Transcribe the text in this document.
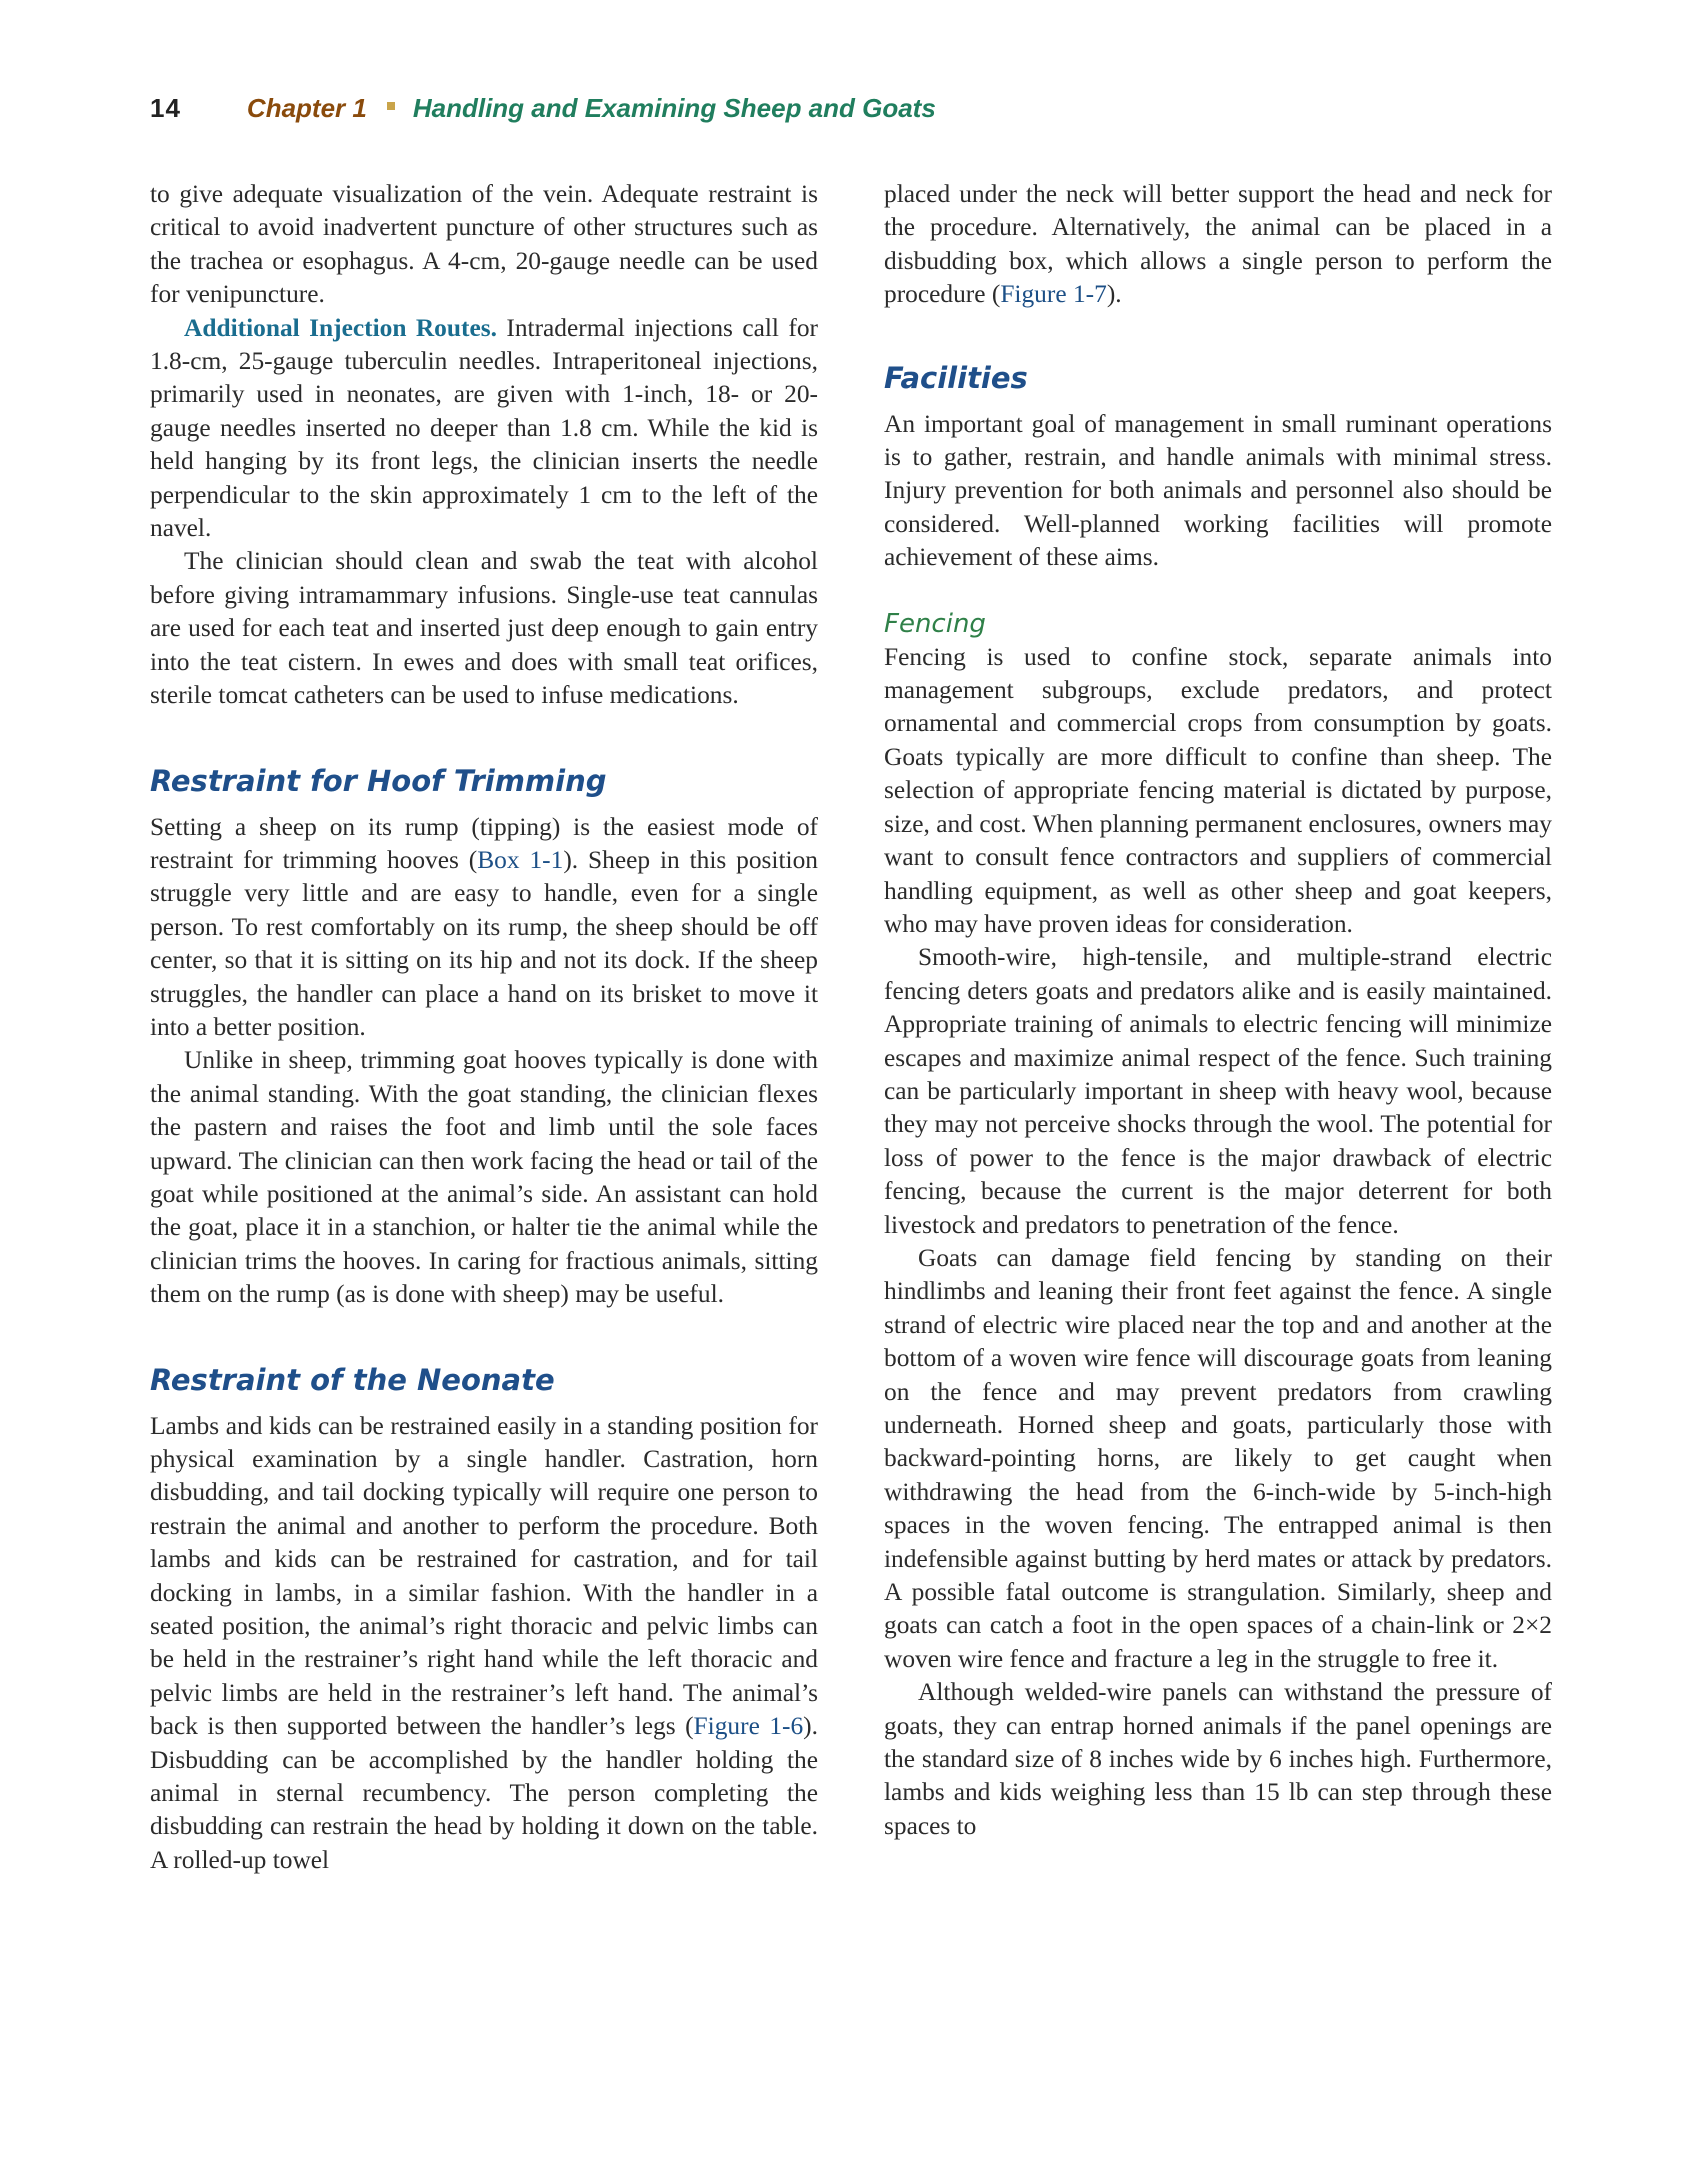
14	Chapter 1 Handling and Examining Sheep and Goats

to give adequate visualization of the vein. Adequate restraint is critical to avoid inadvertent puncture of other structures such as the trachea or esophagus. A 4-cm, 20-gauge needle can be used for venipuncture.

Additional Injection Routes. Intradermal injections call for 1.8-cm, 25-gauge tuberculin needles. Intraperitoneal injections, primarily used in neonates, are given with 1-inch, 18- or 20-gauge needles inserted no deeper than 1.8 cm. While the kid is held hanging by its front legs, the clinician inserts the needle perpendicular to the skin approximately 1 cm to the left of the navel.

The clinician should clean and swab the teat with alcohol before giving intramammary infusions. Single-use teat cannulas are used for each teat and inserted just deep enough to gain entry into the teat cistern. In ewes and does with small teat orifices, sterile tomcat catheters can be used to infuse medications.

Restraint for Hoof Trimming

Setting a sheep on its rump (tipping) is the easiest mode of restraint for trimming hooves (Box 1-1). Sheep in this position struggle very little and are easy to handle, even for a single person. To rest comfortably on its rump, the sheep should be off center, so that it is sitting on its hip and not its dock. If the sheep struggles, the handler can place a hand on its brisket to move it into a better position.

Unlike in sheep, trimming goat hooves typically is done with the animal standing. With the goat standing, the clinician flexes the pastern and raises the foot and limb until the sole faces upward. The clinician can then work facing the head or tail of the goat while positioned at the animal’s side. An assistant can hold the goat, place it in a stanchion, or halter tie the animal while the clinician trims the hooves. In caring for fractious animals, sitting them on the rump (as is done with sheep) may be useful.

Restraint of the Neonate

Lambs and kids can be restrained easily in a standing position for physical examination by a single handler. Castration, horn disbudding, and tail docking typically will require one person to restrain the animal and another to perform the procedure. Both lambs and kids can be restrained for castration, and for tail docking in lambs, in a similar fashion. With the handler in a seated position, the animal’s right thoracic and pelvic limbs can be held in the restrainer’s right hand while the left thoracic and pelvic limbs are held in the restrainer’s left hand. The animal’s back is then supported between the handler’s legs (Figure 1-6). Disbudding can be accomplished by the handler holding the animal in sternal recumbency. The person completing the disbudding can restrain the head by holding it down on the table. A rolled-up towel

placed under the neck will better support the head and neck for the procedure. Alternatively, the animal can be placed in a disbudding box, which allows a single person to perform the procedure (Figure 1-7).

Facilities

An important goal of management in small ruminant operations is to gather, restrain, and handle animals with minimal stress. Injury prevention for both animals and personnel also should be considered. Well-planned working facilities will promote achievement of these aims.

Fencing

Fencing is used to confine stock, separate animals into management subgroups, exclude predators, and protect ornamental and commercial crops from consumption by goats. Goats typically are more difficult to confine than sheep. The selection of appropriate fencing material is dictated by purpose, size, and cost. When planning permanent enclosures, owners may want to consult fence contractors and suppliers of commercial handling equipment, as well as other sheep and goat keepers, who may have proven ideas for consideration.

Smooth-wire, high-tensile, and multiple-strand electric fencing deters goats and predators alike and is easily maintained. Appropriate training of animals to electric fencing will minimize escapes and maximize animal respect of the fence. Such training can be particularly important in sheep with heavy wool, because they may not perceive shocks through the wool. The potential for loss of power to the fence is the major drawback of electric fencing, because the current is the major deterrent for both livestock and predators to penetration of the fence.

Goats can damage field fencing by standing on their hindlimbs and leaning their front feet against the fence. A single strand of electric wire placed near the top and and another at the bottom of a woven wire fence will discourage goats from leaning on the fence and may prevent predators from crawling underneath. Horned sheep and goats, particularly those with backward-pointing horns, are likely to get caught when withdrawing the head from the 6-inch-wide by 5-inch-high spaces in the woven fencing. The entrapped animal is then indefensible against butting by herd mates or attack by predators. A possible fatal outcome is strangulation. Similarly, sheep and goats can catch a foot in the open spaces of a chain-link or 2×2 woven wire fence and fracture a leg in the struggle to free it.

Although welded-wire panels can withstand the pressure of goats, they can entrap horned animals if the panel openings are the standard size of 8 inches wide by 6 inches high. Furthermore, lambs and kids weighing less than 15 lb can step through these spaces to
